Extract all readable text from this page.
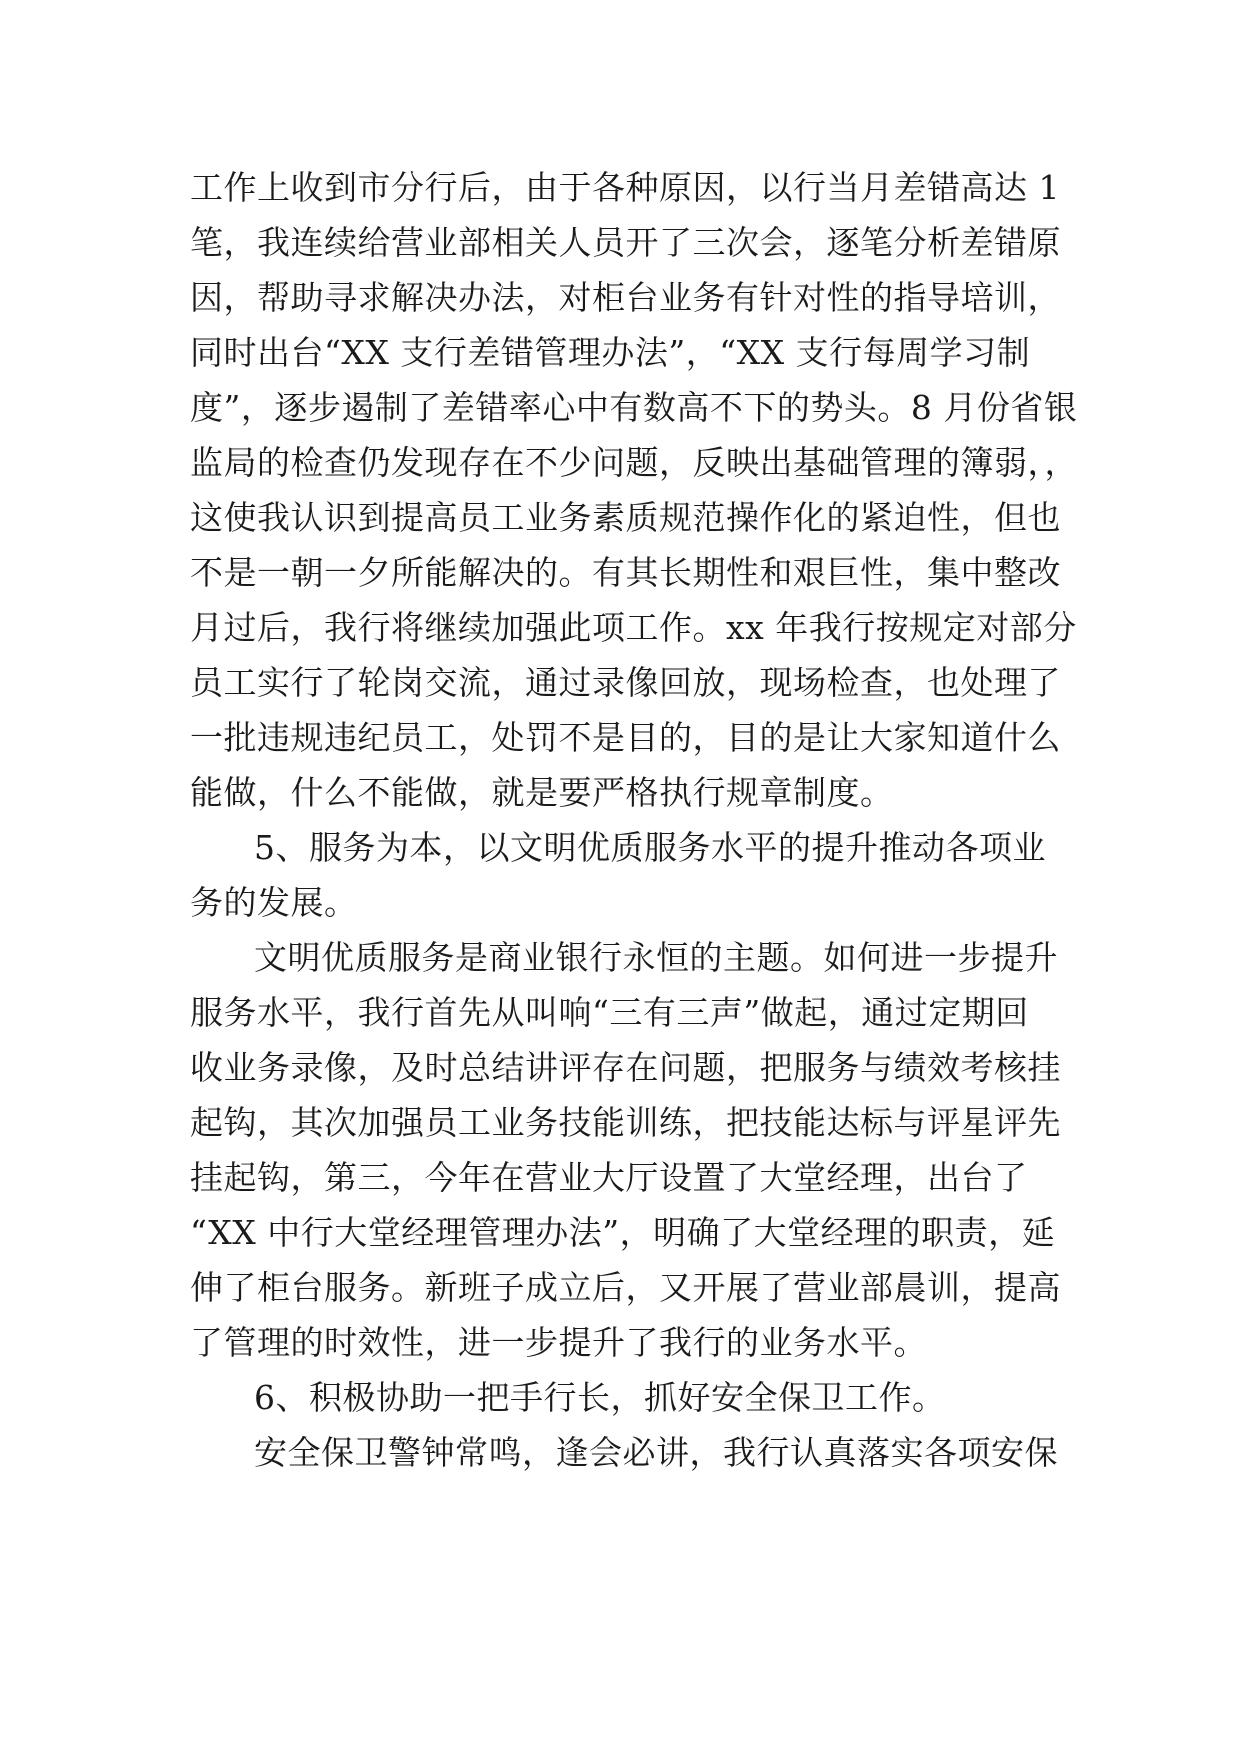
工作上收到市分行后，由于各种原因，以行当月差错高达 1
笔，我连续给营业部相关人员开了三次会，逐笔分析差错原
因，帮助寻求解决办法，对柜台业务有针对性的指导培训，
同时出台“XX 支行差错管理办法”，“XX 支行每周学习制
度”，逐步遏制了差错率心中有数高不下的势头。8 月份省银
监局的检查仍发现存在不少问题，反映出基础管理的簿弱，，
这使我认识到提高员工业务素质规范操作化的紧迫性，但也
不是一朝一夕所能解决的。有其长期性和艰巨性，集中整改
月过后，我行将继续加强此项工作。xx 年我行按规定对部分
员工实行了轮岗交流，通过录像回放，现场检查，也处理了
一批违规违纪员工，处罚不是目的，目的是让大家知道什么
能做，什么不能做，就是要严格执行规章制度。
5、服务为本，以文明优质服务水平的提升推动各项业
务的发展。
文明优质服务是商业银行永恒的主题。如何进一步提升
服务水平，我行首先从叫响“三有三声”做起，通过定期回
收业务录像，及时总结讲评存在问题，把服务与绩效考核挂
起钩，其次加强员工业务技能训练，把技能达标与评星评先
挂起钩，第三，今年在营业大厅设置了大堂经理，出台了
“XX 中行大堂经理管理办法”，明确了大堂经理的职责，延
伸了柜台服务。新班子成立后，又开展了营业部晨训，提高
了管理的时效性，进一步提升了我行的业务水平。
6、积极协助一把手行长，抓好安全保卫工作。
安全保卫警钟常鸣，逢会必讲，我行认真落实各项安保
